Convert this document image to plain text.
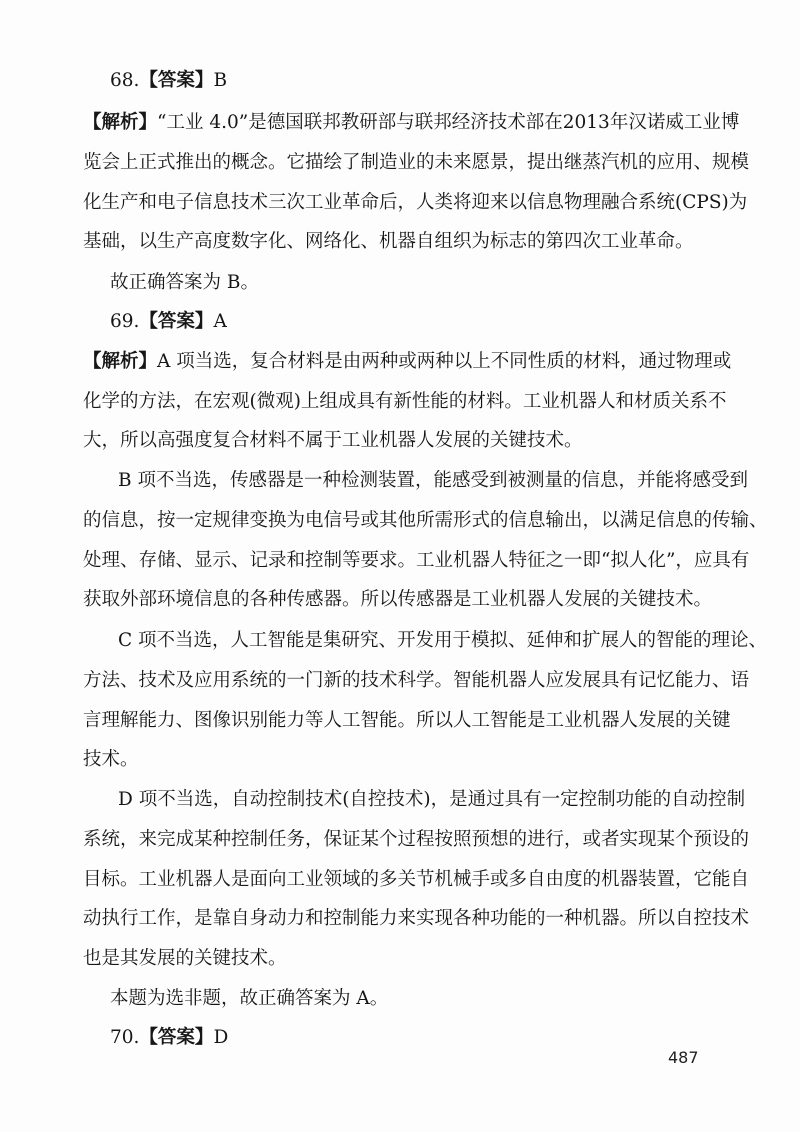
68.【答案】B
【解析】“工业 4.0”是德国联邦教研部与联邦经济技术部在2013年汉诺威工业博
览会上正式推出的概念。它描绘了制造业的未来愿景，提出继蒸汽机的应用、规模
化生产和电子信息技术三次工业革命后，人类将迎来以信息物理融合系统(CPS)为
基础，以生产高度数字化、网络化、机器自组织为标志的第四次工业革命。
故正确答案为 B。
69.【答案】A
【解析】A 项当选，复合材料是由两种或两种以上不同性质的材料，通过物理或
化学的方法，在宏观(微观)上组成具有新性能的材料。工业机器人和材质关系不
大，所以高强度复合材料不属于工业机器人发展的关键技术。
B 项不当选，传感器是一种检测装置，能感受到被测量的信息，并能将感受到
的信息，按一定规律变换为电信号或其他所需形式的信息输出，以满足信息的传输、
处理、存储、显示、记录和控制等要求。工业机器人特征之一即“拟人化”，应具有
获取外部环境信息的各种传感器。所以传感器是工业机器人发展的关键技术。
C 项不当选，人工智能是集研究、开发用于模拟、延伸和扩展人的智能的理论、
方法、技术及应用系统的一门新的技术科学。智能机器人应发展具有记忆能力、语
言理解能力、图像识别能力等人工智能。所以人工智能是工业机器人发展的关键
技术。
D 项不当选，自动控制技术(自控技术)，是通过具有一定控制功能的自动控制
系统，来完成某种控制任务，保证某个过程按照预想的进行，或者实现某个预设的
目标。工业机器人是面向工业领域的多关节机械手或多自由度的机器装置，它能自
动执行工作，是靠自身动力和控制能力来实现各种功能的一种机器。所以自控技术
也是其发展的关键技术。
本题为选非题，故正确答案为 A。
70.【答案】D
487
